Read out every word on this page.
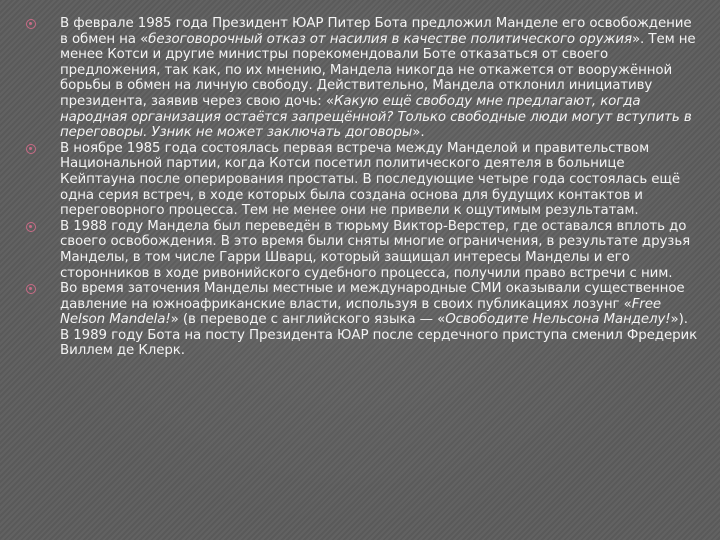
В феврале 1985 года Президент ЮАР Питер Бота предложил Манделе его освобождение в обмен на «безоговорочный отказ от насилия в качестве политического оружия». Тем не менее Котси и другие министры порекомендовали Боте отказаться от своего предложения, так как, по их мнению, Мандела никогда не откажется от вооружённой борьбы в обмен на личную свободу. Действительно, Мандела отклонил инициативу президента, заявив через свою дочь: «Какую ещё свободу мне предлагают, когда народная организация остаётся запрещённой? Только свободные люди могут вступить в переговоры. Узник не может заключать договоры».
В ноябре 1985 года состоялась первая встреча между Манделой и правительством Национальной партии, когда Котси посетил политического деятеля в больнице Кейптауна после оперирования простаты. В последующие четыре года состоялась ещё одна серия встреч, в ходе которых была создана основа для будущих контактов и переговорного процесса. Тем не менее они не привели к ощутимым результатам.
В 1988 году Мандела был переведён в тюрьму Виктор-Верстер, где оставался вплоть до своего освобождения. В это время были сняты многие ограничения, в результате друзья Манделы, в том числе Гарри Шварц, который защищал интересы Манделы и его сторонников в ходе ривонийского судебного процесса, получили право встречи с ним.
Во время заточения Манделы местные и международные СМИ оказывали существенное давление на южноафриканские власти, используя в своих публикациях лозунг «Free Nelson Mandela!» (в переводе с английского языка — «Освободите Нельсона Манделу!»). В 1989 году Бота на посту Президента ЮАР после сердечного приступа сменил Фредерик Виллем де Клерк.
